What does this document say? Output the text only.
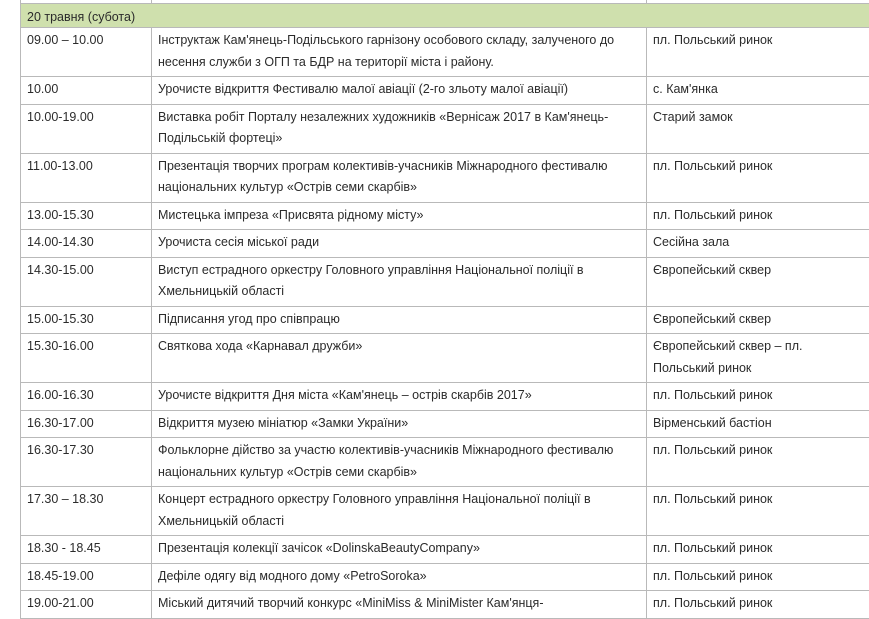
20 травня (субота)		
09.00 – 10.00	Інструктаж Кам'янець-Подільського гарнізону особового складу, залученого до несення служби з ОГП та БДР на території міста і району.	пл. Польський ринок
10.00	Урочисте відкриття Фестивалю малої авіації (2-го зльоту малої авіації)	с. Кам'янка
10.00-19.00	Виставка робіт Порталу незалежних художників «Вернісаж 2017 в Кам'янець-Подільській фортеці»	Старий замок
11.00-13.00	Презентація творчих програм колективів-учасників Міжнародного фестивалю національних культур «Острів семи скарбів»	пл. Польський ринок
13.00-15.30	Мистецька імпреза «Присвята рідному місту»	пл. Польський ринок
14.00-14.30	Урочиста сесія міської ради	Сесійна зала
14.30-15.00	Виступ естрадного оркестру Головного управління Національної поліції в Хмельницькій області	Європейський сквер
15.00-15.30	Підписання угод про співпрацю	Європейський сквер
15.30-16.00	Святкова хода «Карнавал дружби»	Європейський сквер – пл. Польський ринок
16.00-16.30	Урочисте відкриття Дня міста «Кам'янець – острів скарбів 2017»	пл. Польський ринок
16.30-17.00	Відкриття музею мініатюр «Замки України»	Вірменський бастіон
16.30-17.30	Фольклорне дійство за участю колективів-учасників Міжнародного фестивалю національних культур «Острів семи скарбів»	пл. Польський ринок
17.30 – 18.30	Концерт естрадного оркестру Головного управління Національної поліції в Хмельницькій області	пл. Польський ринок
18.30 - 18.45	Презентація колекції зачісок «DolinskaBeautyCompany»	пл. Польський ринок
18.45-19.00	Дефіле одягу від модного дому «PetroSoroka»	пл. Польський ринок
19.00-21.00	Міський дитячий творчий конкурс «MiniMiss & MiniMister Кам'янця-	пл. Польський ринок
